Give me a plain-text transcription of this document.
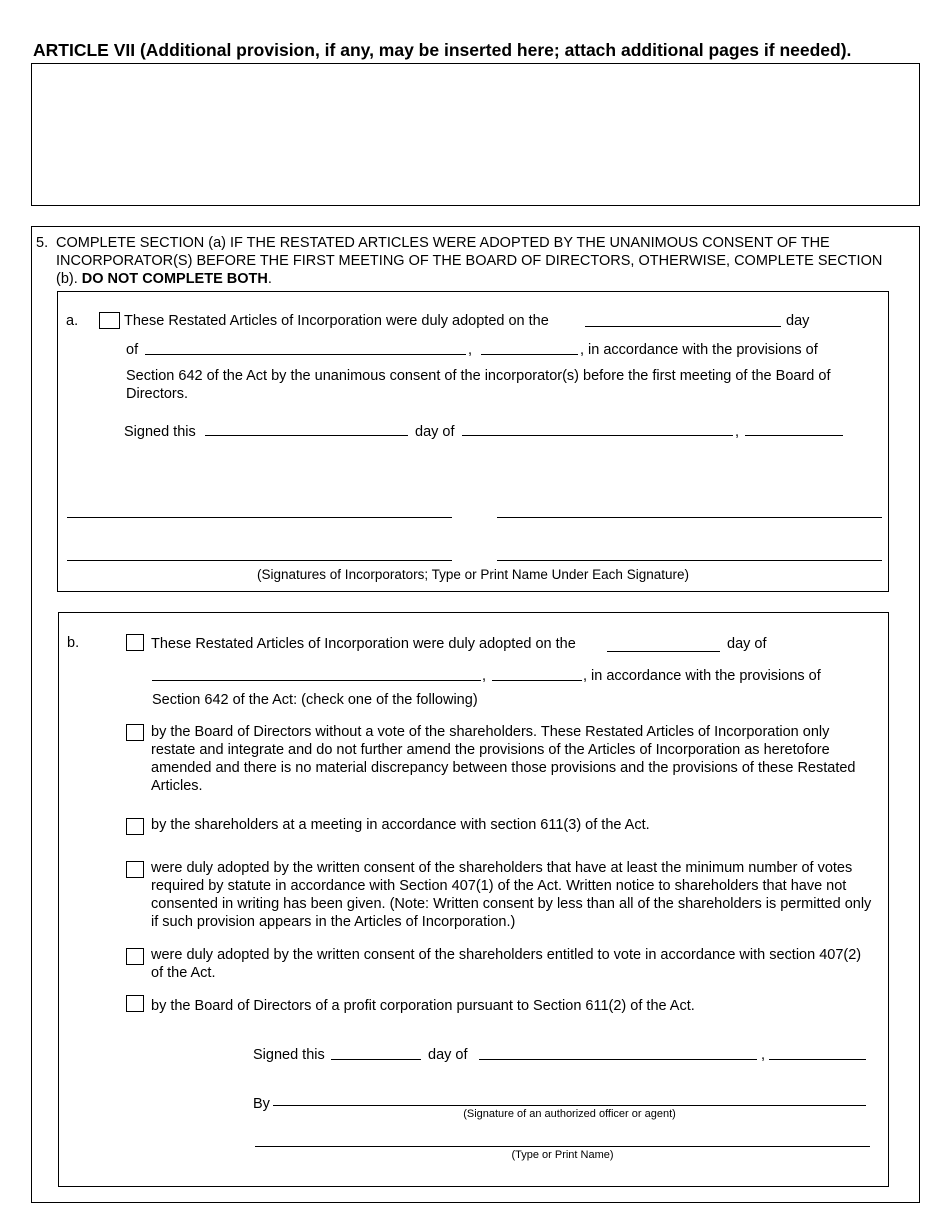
ARTICLE VII (Additional provision, if any, may be inserted here; attach additional pages if needed).
5. COMPLETE SECTION (a) IF THE RESTATED ARTICLES WERE ADOPTED BY THE UNANIMOUS CONSENT OF THE INCORPORATOR(S) BEFORE THE FIRST MEETING OF THE BOARD OF DIRECTORS, OTHERWISE, COMPLETE SECTION (b). DO NOT COMPLETE BOTH.
a.	These Restated Articles of Incorporation were duly adopted on the	day
of	,	, in accordance with the provisions of
Section 642 of the Act by the unanimous consent of the incorporator(s) before the first meeting of the Board of Directors.
Signed this	day of	,
(Signatures of Incorporators; Type or Print Name Under Each Signature)
b.	These Restated Articles of Incorporation were duly adopted on the	day of
,	, in accordance with the provisions of
Section 642 of the Act: (check one of the following)
by the Board of Directors without a vote of the shareholders. These Restated Articles of Incorporation only restate and integrate and do not further amend the provisions of the Articles of Incorporation as heretofore amended and there is no material discrepancy between those provisions and the provisions of these Restated Articles.
by the shareholders at a meeting in accordance with section 611(3) of the Act.
were duly adopted by the written consent of the shareholders that have at least the minimum number of votes required by statute in accordance with Section 407(1) of the Act. Written notice to shareholders that have not consented in writing has been given. (Note: Written consent by less than all of the shareholders is permitted only if such provision appears in the Articles of Incorporation.)
were duly adopted by the written consent of the shareholders entitled to vote in accordance with section 407(2) of the Act.
by the Board of Directors of a profit corporation pursuant to Section 611(2) of the Act.
Signed this	day of	,
By
(Signature of an authorized officer or agent)
(Type or Print Name)
